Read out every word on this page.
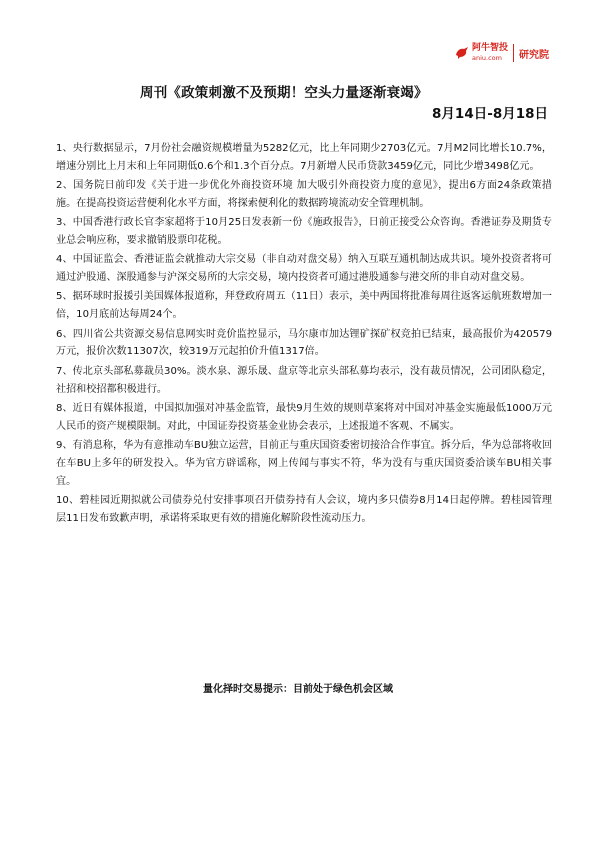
阿牛智投
aniu.com	研究院
周刊《政策刺激不及预期！空头力量逐渐衰竭》
8月14日-8月18日

1、央行数据显示，7月份社会融资规模增量为5282亿元，比上年同期少2703亿元。7月M2同比增长10.7%，增速分别比上月末和上年同期低0.6个和1.3个百分点。7月新增人民币贷款3459亿元，同比少增3498亿元。

2、国务院日前印发《关于进一步优化外商投资环境 加大吸引外商投资力度的意见》，提出6方面24条政策措施。在提高投资运营便利化水平方面，将探索便利化的数据跨境流动安全管理机制。

3、中国香港行政长官李家超将于10月25日发表新一份《施政报告》，日前正接受公众咨询。香港证券及期货专业总会响应称，要求撤销股票印花税。

4、中国证监会、香港证监会就推动大宗交易（非自动对盘交易）纳入互联互通机制达成共识。境外投资者将可通过沪股通、深股通参与沪深交易所的大宗交易，境内投资者可通过港股通参与港交所的非自动对盘交易。

5、据环球时报援引美国媒体报道称，拜登政府周五（11日）表示，美中两国将批准每周往返客运航班数增加一倍，10月底前达每周24个。

6、四川省公共资源交易信息网实时竞价监控显示，马尔康市加达锂矿探矿权竞拍已结束，最高报价为420579万元，报价次数11307次，较319万元起拍价升值1317倍。

7、传北京头部私募裁员30%。淡水泉、源乐晟、盘京等北京头部私募均表示，没有裁员情况，公司团队稳定，社招和校招都积极进行。

8、近日有媒体报道，中国拟加强对冲基金监管，最快9月生效的规则草案将对中国对冲基金实施最低1000万元人民币的资产规模限制。对此，中国证券投资基金业协会表示，上述报道不客观、不属实。

9、有消息称，华为有意推动车BU独立运营，目前正与重庆国资委密切接洽合作事宜。拆分后，华为总部将收回在车BU上多年的研发投入。华为官方辟谣称，网上传闻与事实不符，华为没有与重庆国资委洽谈车BU相关事宜。

10、碧桂园近期拟就公司债券兑付安排事项召开债券持有人会议，境内多只债券8月14日起停牌。碧桂园管理层11日发布致歉声明，承诺将采取更有效的措施化解阶段性流动压力。

量化择时交易提示：目前处于绿色机会区域
